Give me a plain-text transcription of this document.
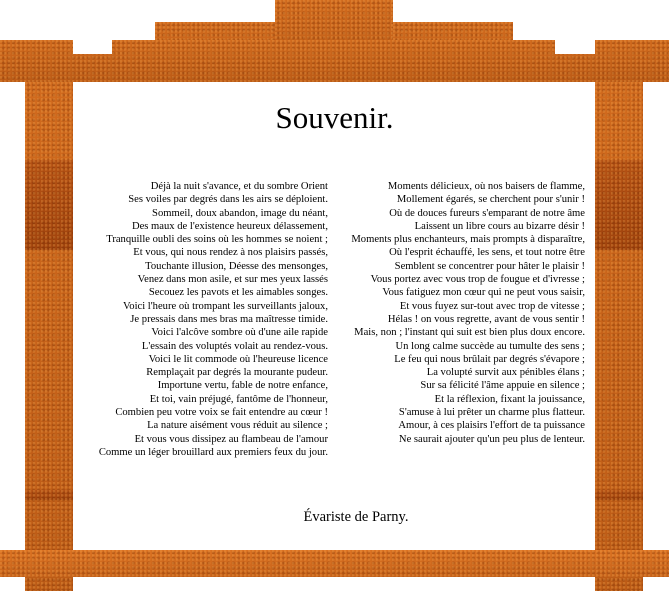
Souvenir.
Déjà la nuit s'avance, et du sombre Orient
Ses voiles par degrés dans les airs se déploient.
Sommeil, doux abandon, image du néant,
Des maux de l'existence heureux délassement,
Tranquille oubli des soins où les hommes se noient ;
Et vous, qui nous rendez à nos plaisirs passés,
Touchante illusion, Déesse des mensonges,
Venez dans mon asile, et sur mes yeux lassés
Secouez les pavots et les aimables songes.
Voici l'heure où trompant les surveillants jaloux,
Je pressais dans mes bras ma maîtresse timide.
Voici l'alcôve sombre où d'une aile rapide
L'essain des voluptés volait au rendez-vous.
Voici le lit commode où l'heureuse licence
Remplaçait par degrés la mourante pudeur.
Importune vertu, fable de notre enfance,
Et toi, vain préjugé, fantôme de l'honneur,
Combien peu votre voix se fait entendre au cœur !
La nature aisément vous réduit au silence ;
Et vous vous dissipez au flambeau de l'amour
Comme un léger brouillard aux premiers feux du jour.
Moments délicieux, où nos baisers de flamme,
Mollement égarés, se cherchent pour s'unir !
Où de douces fureurs s'emparant de notre âme
Laissent un libre cours au bizarre désir !
Moments plus enchanteurs, mais prompts à disparaître,
Où l'esprit échauffé, les sens, et tout notre être
Semblent se concentrer pour hâter le plaisir !
Vous portez avec vous trop de fougue et d'ivresse ;
Vous fatiguez mon cœur qui ne peut vous saisir,
Et vous fuyez sur-tout avec trop de vitesse ;
Hélas ! on vous regrette, avant de vous sentir !
Mais, non ; l'instant qui suit est bien plus doux encore.
Un long calme succède au tumulte des sens ;
Le feu qui nous brûlait par degrés s'évapore ;
La volupté survit aux pénibles élans ;
Sur sa félicité l'âme appuie en silence ;
Et la réflexion, fixant la jouissance,
S'amuse à lui prêter un charme plus flatteur.
Amour, à ces plaisirs l'effort de ta puissance
Ne saurait ajouter qu'un peu plus de lenteur.
Évariste de Parny.
